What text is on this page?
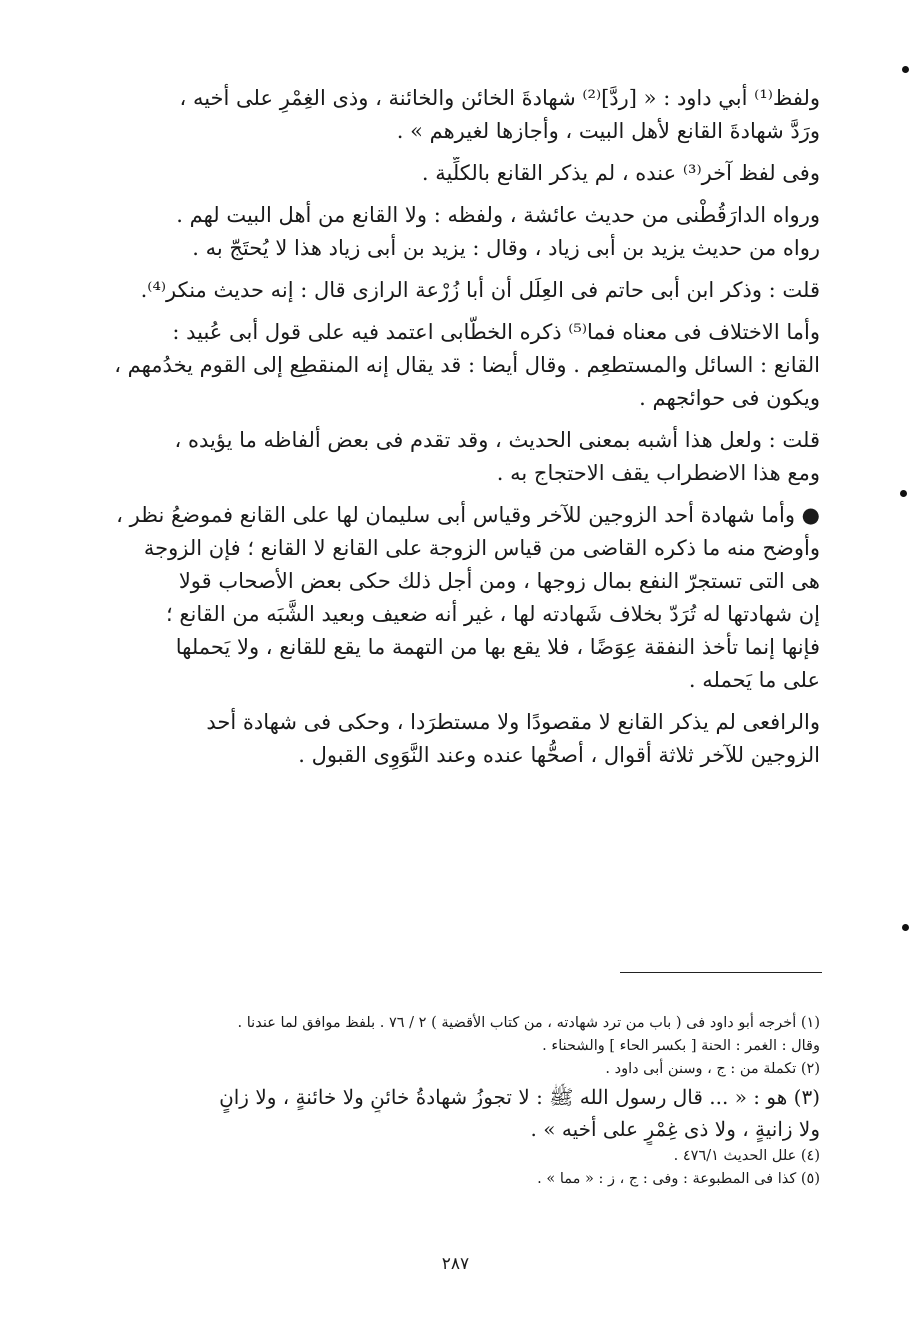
ولفظ⁽¹⁾ أبي داود : « [ردَّ]⁽²⁾ شهادةَ الخائن والخائنة ، وذى الغِمْرِ على أخيه ،
ورَدَّ شهادةَ القانع لأهل البيت ، وأجازها لغيرهم » .
وفى لفظ آخر⁽³⁾ عنده ، لم يذكر القانع بالكلِّية .
ورواه الدارَقُطْنى من حديث عائشة ، ولفظه : ولا القانع من أهل البيت لهم .
رواه من حديث يزيد بن أبى زياد ، وقال : يزيد بن أبى زياد هذا لا يُحتَجّ به .
قلت : وذكر ابن أبى حاتم فى العِلَل أن أبا زُرْعة الرازى قال : إنه حديث منكر⁽⁴⁾.
وأما الاختلاف فى معناه فما⁽⁵⁾ ذكره الخطَّابى اعتمد فيه على قول أبى عُبيد :
القانع : السائل والمستطعِم . وقال أيضا : قد يقال إنه المنقطِع إلى القوم يخدُمهم ،
ويكون فى حوائجهم .
قلت : ولعل هذا أشبه بمعنى الحديث ، وقد تقدم فى بعض ألفاظه ما يؤيده ،
ومع هذا الاضطراب يقف الاحتجاج به .
● وأما شهادة أحد الزوجين للآخر وقياس أبى سليمان لها على القانع فموضعُ نظر ،
وأوضح منه ما ذكره القاضى من قياس الزوجة على القانع لا القانع ؛ فإن الزوجة
هى التى تستجرّ النفع بمال زوجها ، ومن أجل ذلك حكى بعض الأصحاب قولا
إن شهادتها له تُرَدّ بخلاف شَهادته لها ، غير أنه ضعيف وبعيد الشَّبَه من القانع ؛
فإنها إنما تأخذ النفقة عِوَضًا ، فلا يقع بها من التهمة ما يقع للقانع ، ولا يَحملها
على ما يَحمله .
والرافعى لم يذكر القانع لا مقصودًا ولا مستطرَدا ، وحكى فى شهادة أحد
الزوجين للآخر ثلاثة أقوال ، أصحُّها عنده وعند النَّوَوِى القبول .
(١) أخرجه أبو داود فى ( باب من ترد شهادته ، من كتاب الأقضية ) ٢ / ٧٦ . بلفظ موافق لما عندنا .
وقال : الغمر : الحنة [ بكسر الحاء ] والشحناء .
(٢) تكملة من : ج ، وسنن أبى داود .
(٣) هو : « ... قال رسول الله ﷺ : لا تجوزُ شهادةُ خائنٍ ولا خائنةٍ ، ولا زانٍ
ولا زانيةٍ ، ولا ذى غِمْرٍ على أخيه » .
(٤) علل الحديث ٤٧٦/١ .
(٥) كذا فى المطبوعة : وفى : ج ، ز : « مما » .
٢٨٧
